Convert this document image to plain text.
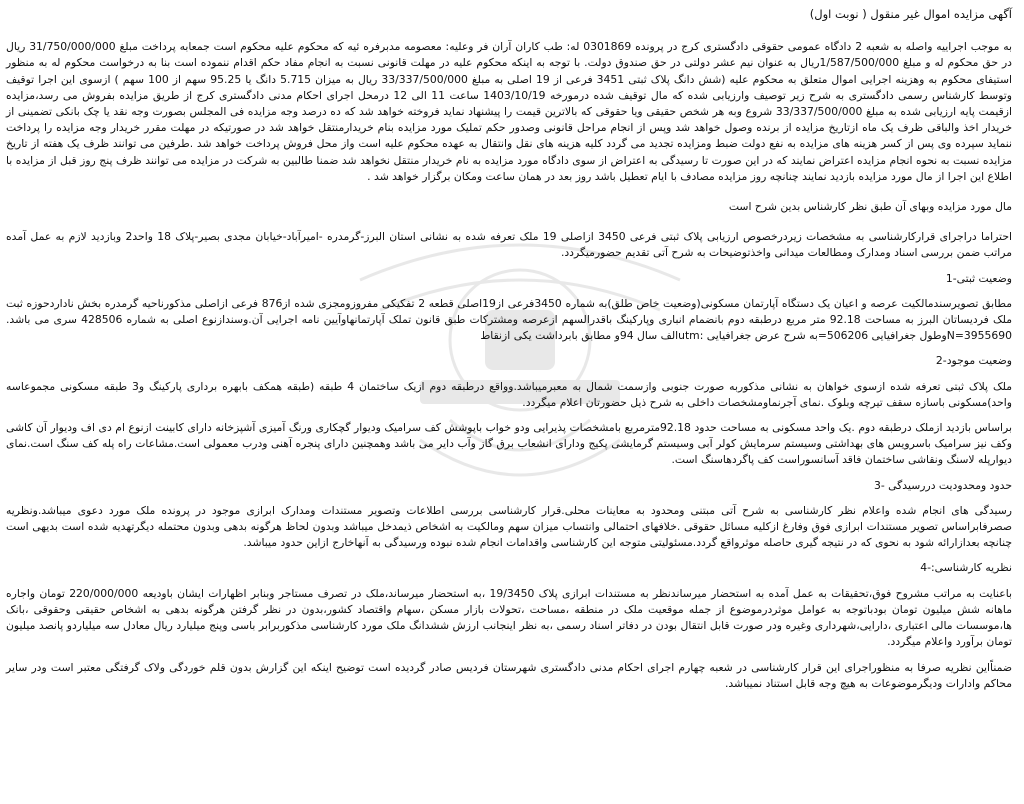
آگهی مزایده اموال غیر منقول ( نوبت اول)

به موجب اجراییه واصله به شعبه 2 دادگاه عمومی حقوقی دادگستری کرج در پرونده 0301869 له: طب کاران آران فر وعلیه: معصومه مدبرفره ئیه که محکوم علیه محکوم است جمعابه پرداخت مبلغ 31/750/000/000 ریال در حق محکوم له و مبلغ 1/587/500/000ریال به عنوان نیم عشر دولتی در حق صندوق دولت. با توجه به اینکه محکوم علیه در مهلت قانونی نسبت به انجام مفاد حکم اقدام ننموده است بنا به درخواست محکوم له به منظور استیفای محکوم به وهزینه اجرایی اموال متعلق به محکوم علیه (شش دانگ پلاک ثبتی 3451 فرعی از 19 اصلی به مبلغ 33/337/500/000 ریال به میزان 5.715 دانگ یا 95.25 سهم از 100 سهم ) ازسوی این اجرا توقیف وتوسط کارشناس رسمی دادگستری به شرح زیر توصیف وارزیابی شده که مال توقیف شده درمورخه 1403/10/19 ساعت 11 الی 12 درمحل اجرای احکام مدنی دادگستری کرج از طریق مزایده بفروش می رسد،مزایده ازقیمت پایه ارزیابی شده به مبلغ 33/337/500/000 شروع وبه هر شخص حقیقی ویا حقوقی که بالاترین قیمت را پیشنهاد نماید فروخته خواهد شد که ده درصد وجه مزایده فی المجلس بصورت وجه نقد یا چک بانکی تضمینی از خریدار اخذ والباقی ظرف یک ماه ازتاریخ مزایده از برنده وصول خواهد شد وپس از انجام مراحل قانونی وصدور حکم تملیک مورد مزایده بنام خریدارمنتقل خواهد شد در صورتیکه در مهلت مقرر خریدار وجه مزایده را پرداخت ننماید سپرده وی پس از کسر هزینه های مزایده به نفع دولت ضبط ومزایده تجدید می گردد کلیه هزینه های نقل وانتقال به عهده محکوم علیه است واز محل فروش پرداخت خواهد شد .طرفین می توانند ظرف یک هفته از تاریخ مزایده نسبت به نحوه انجام مزایده اعتراض نمایند که در این صورت تا رسیدگی به اعتراض از سوی دادگاه مورد مزایده به نام خریدار منتقل نخواهد شد ضمنا طالبین به شرکت در مزایده می توانند ظرف پنج روز قبل از مزایده با اطلاع این اجرا از مال مورد مزایده بازدید نمایند چنانچه روز مزایده مصادف با ایام تعطیل باشد روز بعد در همان ساعت ومکان برگزار خواهد شد .

مال مورد مزایده وبهای آن طبق نظر کارشناس بدین شرح است

احتراما دراجرای قرارکارشناسی به مشخصات زیردرخصوص ارزیابی پلاک ثبتی فرعی 3450 ازاصلی 19 ملک تعرفه شده به نشانی استان البرز-گرمدره -امیرآباد-خیابان مجدی بصیر-پلاک 18 واحد2 وبازدید لازم به عمل آمده مراتب ضمن بررسی اسناد ومدارک ومطالعات میدانی واخذتوضیحات به شرح آتی تقدیم حضورمیگردد.

وضعیت ثبتی-1

مطابق تصویرسندمالکیت عرصه و اعیان یک دستگاه آپارتمان مسکونی(وضعیت خاص طلق)به شماره 3450فرعی از19اصلی قطعه 2 تفکیکی مفروزومجزی شده از876 فرعی ازاصلی مذکورناحیه گرمدره بخش ناداردحوزه ثبت ملک فردیساتان البرز به مساحت 92.18 متر مربع درطبقه دوم بانضمام انباری وپارکینگ باقدرالسهم ازعرصه ومشترکات طبق قانون تملک آپارتمانهاوآیین نامه اجرایی آن.وسندازنوع اصلی به شماره 428506 سری می باشد. N=3955690وطول جغرافیایی 506206=به شرح عرض جغرافیایی :utmالف سال 94و مطابق بابرداشت یکی ازنقاط

وضعیت موجود-2

ملک پلاک ثبتی تعرفه شده ازسوی خواهان به نشانی مذکوربه صورت جنوبی وازسمت شمال به معبرمیباشد.وواقع درطبقه دوم ازیک ساختمان 4 طبقه (طبقه همکف بابهره برداری پارکینگ و3 طبقه مسکونی مجموعاسه واحد)مسکونی باسازه سقف تیرچه وبلوک .نمای آجرنماومشخصات داخلی به شرح ذیل حضورتان اعلام میگردد.

براساس بازدید ازملک درطبقه دوم .یک واحد مسکونی به مساحت حدود 92.18مترمربع بامشخصات پذیرایی ودو خواب باپوشش کف سرامیک ودیوار گچکاری ورنگ آمیزی آشپزخانه دارای کابینت ازنوع ام دی اف ودیوار آن کاشی وکف نیز سرامیک باسرویس های بهداشتی وسیستم سرمایش کولر آبی وسیستم گرمایشی پکیج ودارای انشعاب برق گاز وآب دایر می باشد وهمچنین دارای پنجره آهنی ودرب معمولی است.مشاعات راه پله کف سنگ است.نمای دیوارپله لاسنگ ونقاشی ساختمان فاقد آسانسوراست کف پاگردهاسنگ است.

حدود ومحدودیت دررسیدگی -3

رسیدگی های انجام شده واعلام نظر کارشناسی به شرح آتی مبتنی ومحدود به معاینات محلی.قرار کارشناسی بررسی اطلاعات وتصویر مستندات ومدارک ابرازی موجود در پرونده ملک مورد دعوی میباشد.ونظریه صصرفابراساس تصویر مستندات ابرازی فوق وفارغ ازکلیه مسائل حقوقی .خلافهای احتمالی وانتساب میزان سهم ومالکیت به اشخاص ذیمدخل میباشد وبدون لحاظ هرگونه بدهی وبدون محتمله دیگرتهدیه شده است بدیهی است چنانچه بعدازارائه شود به نحوی که در نتیجه گیری حاصله موثرواقع گردد.مسئولیتی متوجه این کارشناسی واقدامات انجام شده نبوده ورسیدگی به آنهاخارج ازاین حدود میباشد.

نظریه کارشناسی:-4

باعنایت به مراتب مشروح فوق،تحقیقات به عمل آمده به استحضار میرساندنظر به مستندات ابرازی پلاک 19/3450 ،به استحضار میرساند،ملک در تصرف مستاجر وبنابر اظهارات ایشان باودیعه 220/000/000 تومان واجاره ماهانه شش میلیون تومان بودباتوجه به عوامل موثردرموضوع از جمله موقعیت ملک در منطقه ،مساحت ،تحولات بازار مسکن ،سهام واقتصاد کشور،بدون در نظر گرفتن هرگونه بدهی به اشخاص حقیقی وحقوقی ،بانک ها،موسسات مالی اعتباری ،دارایی،شهرداری وغیره ودر صورت قابل انتقال بودن در دفاتر اسناد رسمی ،به نظر اینجانب ارزش ششدانگ ملک مورد کارشناسی مذکوربرابر باسی وپنج میلیارد ریال معادل سه میلیاردو پانصد میلیون تومان برآورد واعلام میگردد.

ضمناًاین نظریه صرفا به منظوراجرای این قرار کارشناسی در شعبه چهارم اجرای احکام مدنی دادگستری شهرستان فردیس صادر گردیده است توضیح اینکه این گزارش بدون قلم خوردگی ولاک گرفتگی معتبر است ودر سایر محاکم وادارات ودیگرموضوعات به هیچ وجه قابل استناد نمیباشد.
